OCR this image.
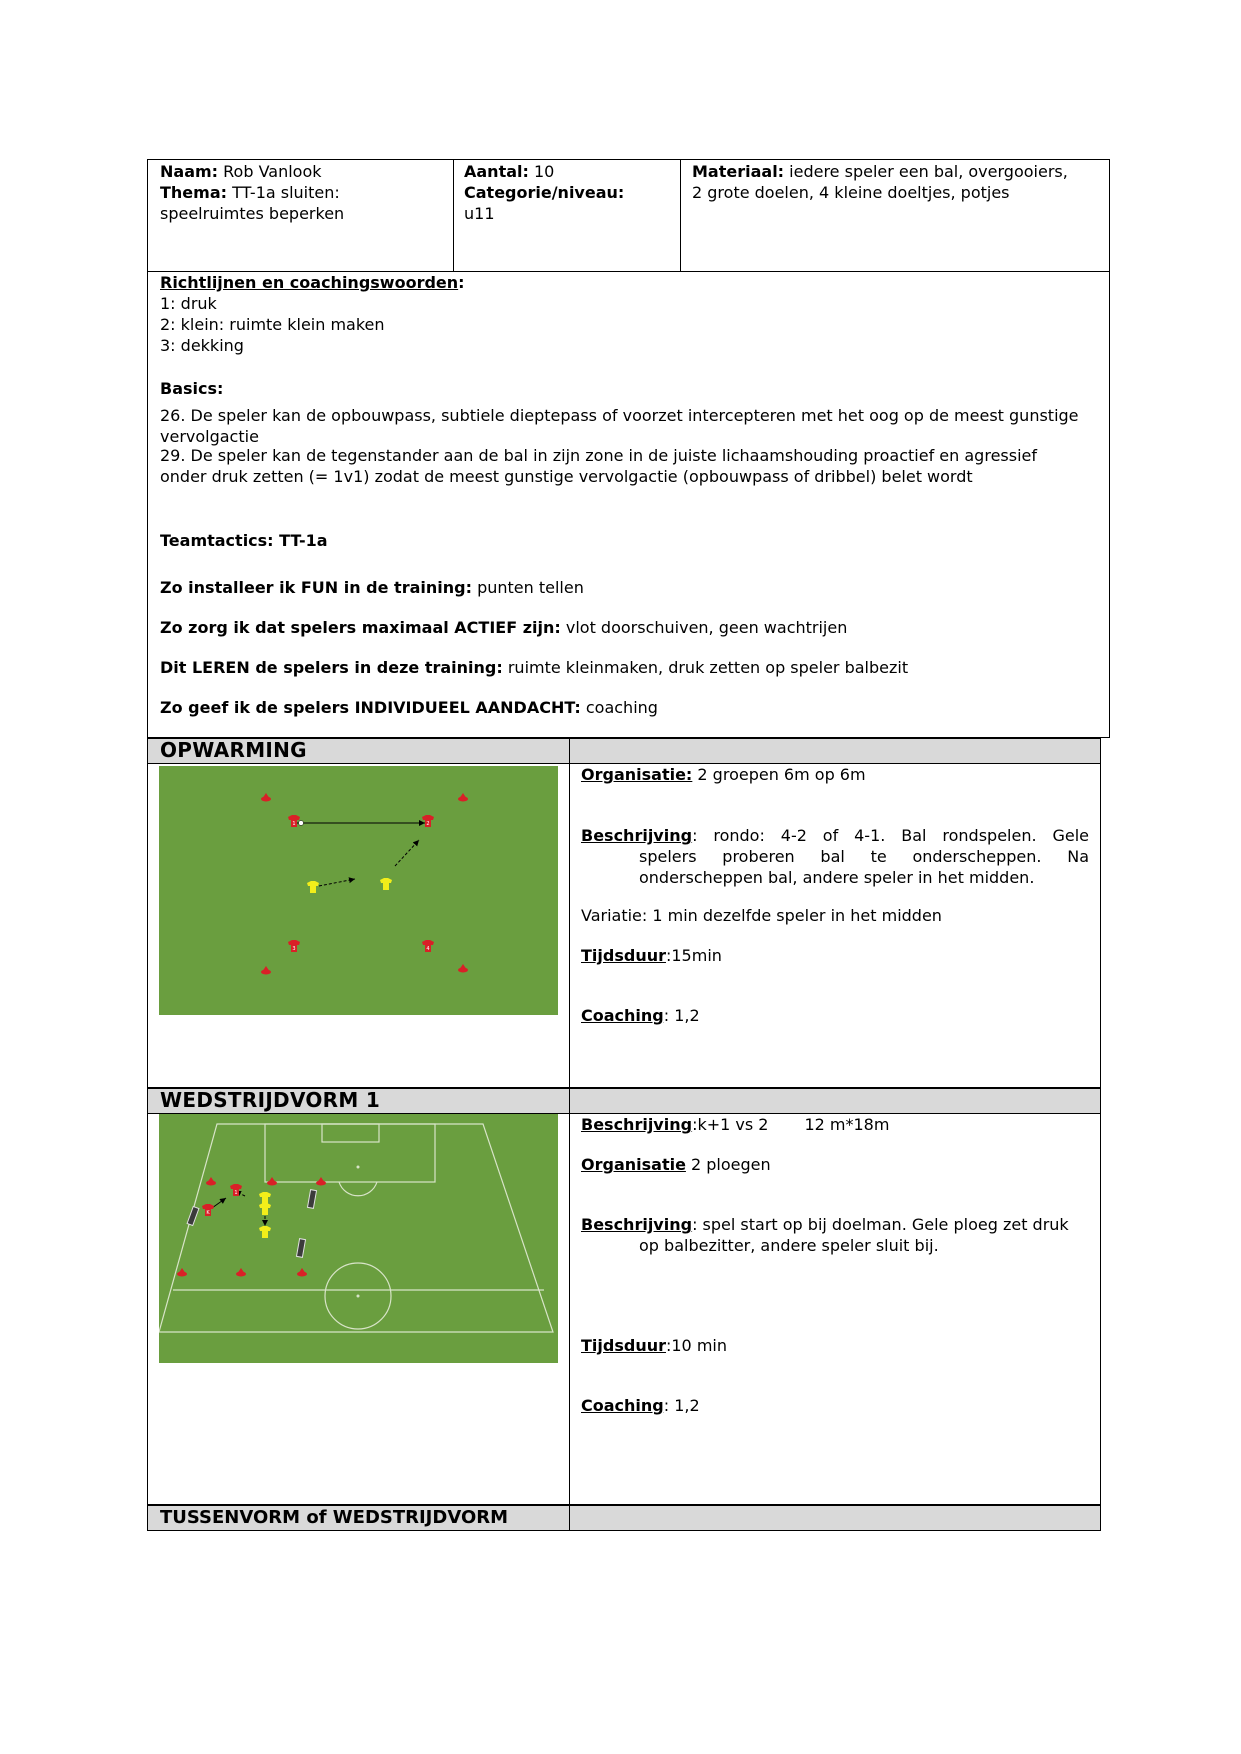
Naam: Rob Vanlook
Thema: TT-1a sluiten:
speelruimtes beperken
Aantal: 10
Categorie/niveau:
u11
Materiaal: iedere speler een bal, overgooiers,
2 grote doelen, 4 kleine doeltjes, potjes
Richtlijnen en coachingswoorden:
1: druk
2: klein: ruimte klein maken
3: dekking
Basics:
26. De speler kan de opbouwpass, subtiele dieptepass of voorzet intercepteren met het oog op de meest gunstige
vervolgactie
29. De speler kan de tegenstander aan de bal in zijn zone in de juiste lichaamshouding proactief en agressief
onder druk zetten (= 1v1) zodat de meest gunstige vervolgactie (opbouwpass of dribbel) belet wordt
Teamtactics: TT-1a
Zo installeer ik FUN in de training: punten tellen
Zo zorg ik dat spelers maximaal ACTIEF zijn: vlot doorschuiven, geen wachtrijen
Dit LEREN de spelers in deze training: ruimte kleinmaken, druk zetten op speler balbezit
Zo geef ik de spelers INDIVIDUEEL AANDACHT: coaching
OPWARMING
1	2
3	4
Organisatie: 2 groepen 6m op 6m
Beschrijving: rondo: 4-2 of 4-1. Bal rondspelen. Gele
spelers proberen bal te onderscheppen. Na
onderscheppen bal, andere speler in het midden.
Variatie: 1 min dezelfde speler in het midden
Tijdsduur:15min
Coaching: 1,2
WEDSTRIJDVORM 1
1
K
Beschrijving:k+1 vs 2 12 m*18m
Organisatie 2 ploegen
Beschrijving: spel start op bij doelman. Gele ploeg zet druk
op balbezitter, andere speler sluit bij.
Tijdsduur:10 min
Coaching: 1,2
TUSSENVORM of WEDSTRIJDVORM
